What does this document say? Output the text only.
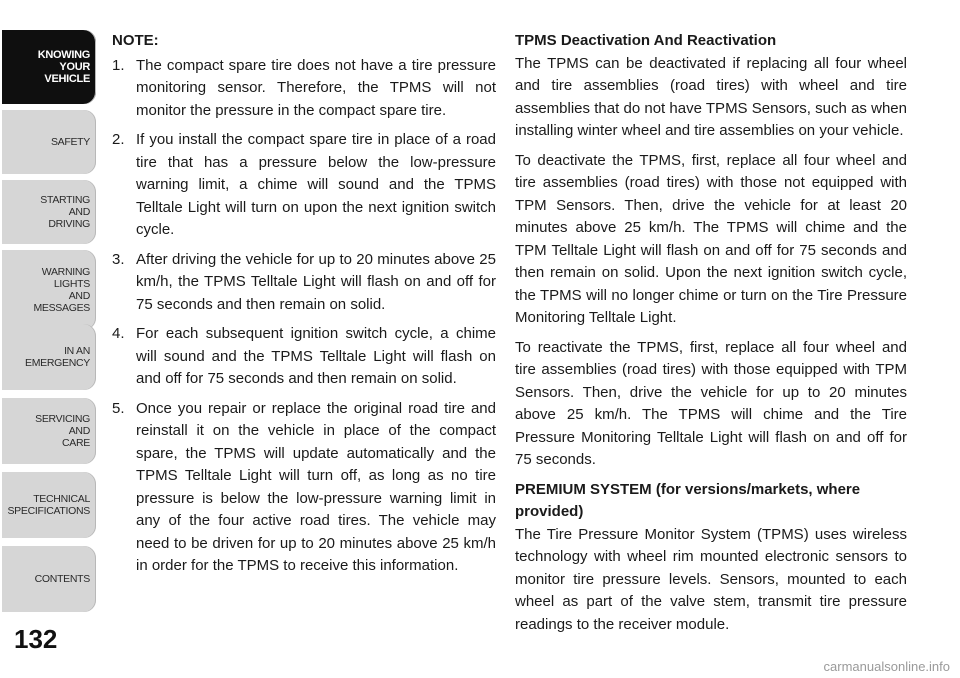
KNOWING
YOUR
VEHICLE
SAFETY
STARTING
AND
DRIVING
WARNING
LIGHTS
AND
MESSAGES
IN AN
EMERGENCY
SERVICING
AND
CARE
TECHNICAL
SPECIFICATIONS
CONTENTS
132
NOTE:
1. The compact spare tire does not have a tire pressure monitoring sensor. Therefore, the TPMS will not monitor the pressure in the compact spare tire.
2. If you install the compact spare tire in place of a road tire that has a pressure below the low-pressure warning limit, a chime will sound and the TPMS Telltale Light will turn on upon the next ignition switch cycle.
3. After driving the vehicle for up to 20 minutes above 25 km/h, the TPMS Telltale Light will flash on and off for 75 seconds and then remain on solid.
4. For each subsequent ignition switch cycle, a chime will sound and the TPMS Telltale Light will flash on and off for 75 seconds and then remain on solid.
5. Once you repair or replace the original road tire and reinstall it on the vehicle in place of the compact spare, the TPMS will update automatically and the TPMS Telltale Light will turn off, as long as no tire pressure is below the low-pressure warning limit in any of the four active road tires. The vehicle may need to be driven for up to 20 minutes above 25 km/h in order for the TPMS to receive this information.
TPMS Deactivation And Reactivation

The TPMS can be deactivated if replacing all four wheel and tire assemblies (road tires) with wheel and tire assemblies that do not have TPMS Sensors, such as when installing winter wheel and tire assemblies on your vehicle.

To deactivate the TPMS, first, replace all four wheel and tire assemblies (road tires) with those not equipped with TPM Sensors. Then, drive the vehicle for at least 20 minutes above 25 km/h. The TPMS will chime and the TPM Telltale Light will flash on and off for 75 seconds and then remain on solid. Upon the next ignition switch cycle, the TPMS will no longer chime or turn on the Tire Pressure Monitoring Telltale Light.

To reactivate the TPMS, first, replace all four wheel and tire assemblies (road tires) with those equipped with TPM Sensors. Then, drive the vehicle for up to 20 minutes above 25 km/h. The TPMS will chime and the Tire Pressure Monitoring Telltale Light will flash on and off for 75 seconds.

PREMIUM SYSTEM (for versions/markets, where provided)

The Tire Pressure Monitor System (TPMS) uses wireless technology with wheel rim mounted electronic sensors to monitor tire pressure levels. Sensors, mounted to each wheel as part of the valve stem, transmit tire pressure readings to the receiver module.

carmanualsonline.info
